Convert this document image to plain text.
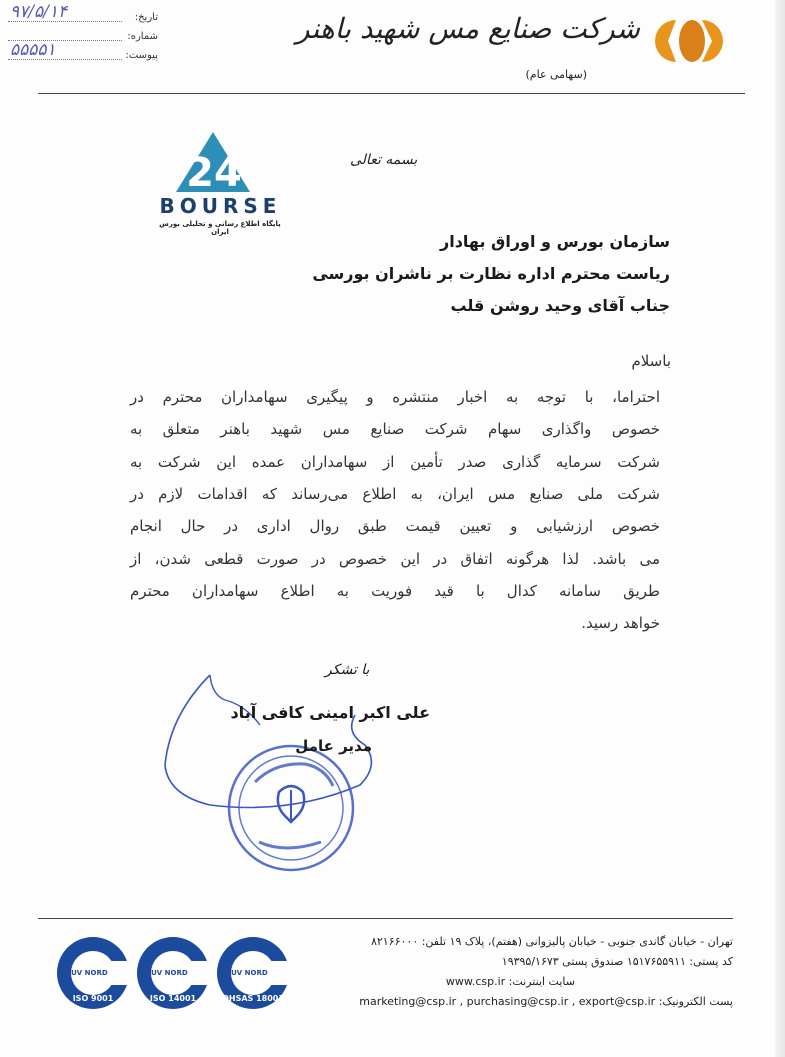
شرکت صنایع مس شهید باهنر
(سهامی عام)
تاریخ:
۹۷/۵/۱۴
شماره:
پیوست:
۵۵۵۵۱
24
BOURSE
پایگاه اطلاع رسانی و تحلیلی بورس ایران
بسمه تعالی
سازمان بورس و اوراق بهادار
ریاست محترم اداره نظارت بر ناشران بورسی
جناب آقای وحید روشن قلب
باسلام
احتراما، با توجه به اخبار منتشره و پیگیری سهامداران محترم در
خصوص واگذاری سهام شرکت صنایع مس شهید باهنر متعلق به
شرکت سرمایه گذاری صدر تأمین از سهامداران عمده این شرکت به
شرکت ملی صنایع مس ایران، به اطلاع می‌رساند که اقدامات لازم در
خصوص ارزشیابی و تعیین قیمت طبق روال اداری در حال انجام
می باشد. لذا هرگونه اتفاق در این خصوص در صورت قطعی شدن، از
طریق سامانه کدال با قید فوریت به اطلاع سهامداران محترم
خواهد رسید.
با تشکر
علی اکبر امینی کافی آباد
مدیر عامل
TUV NORD
ISO 9001
TUV NORD
ISO 14001
TUV NORD
OHSAS 18001
تهران - خیابان گاندی جنوبی - خیابان پالیزوانی (هفتم)، پلاک ۱۹ تلفن: ۸۲۱۶۶۰۰۰
کد پستی: ۱۵۱۷۶۵۵۹۱۱ صندوق پستی ۱۹۳۹۵/۱۶۷۳
سایت اینترنت: www.csp.ir
پست الکترونیک: marketing@csp.ir , purchasing@csp.ir , export@csp.ir
